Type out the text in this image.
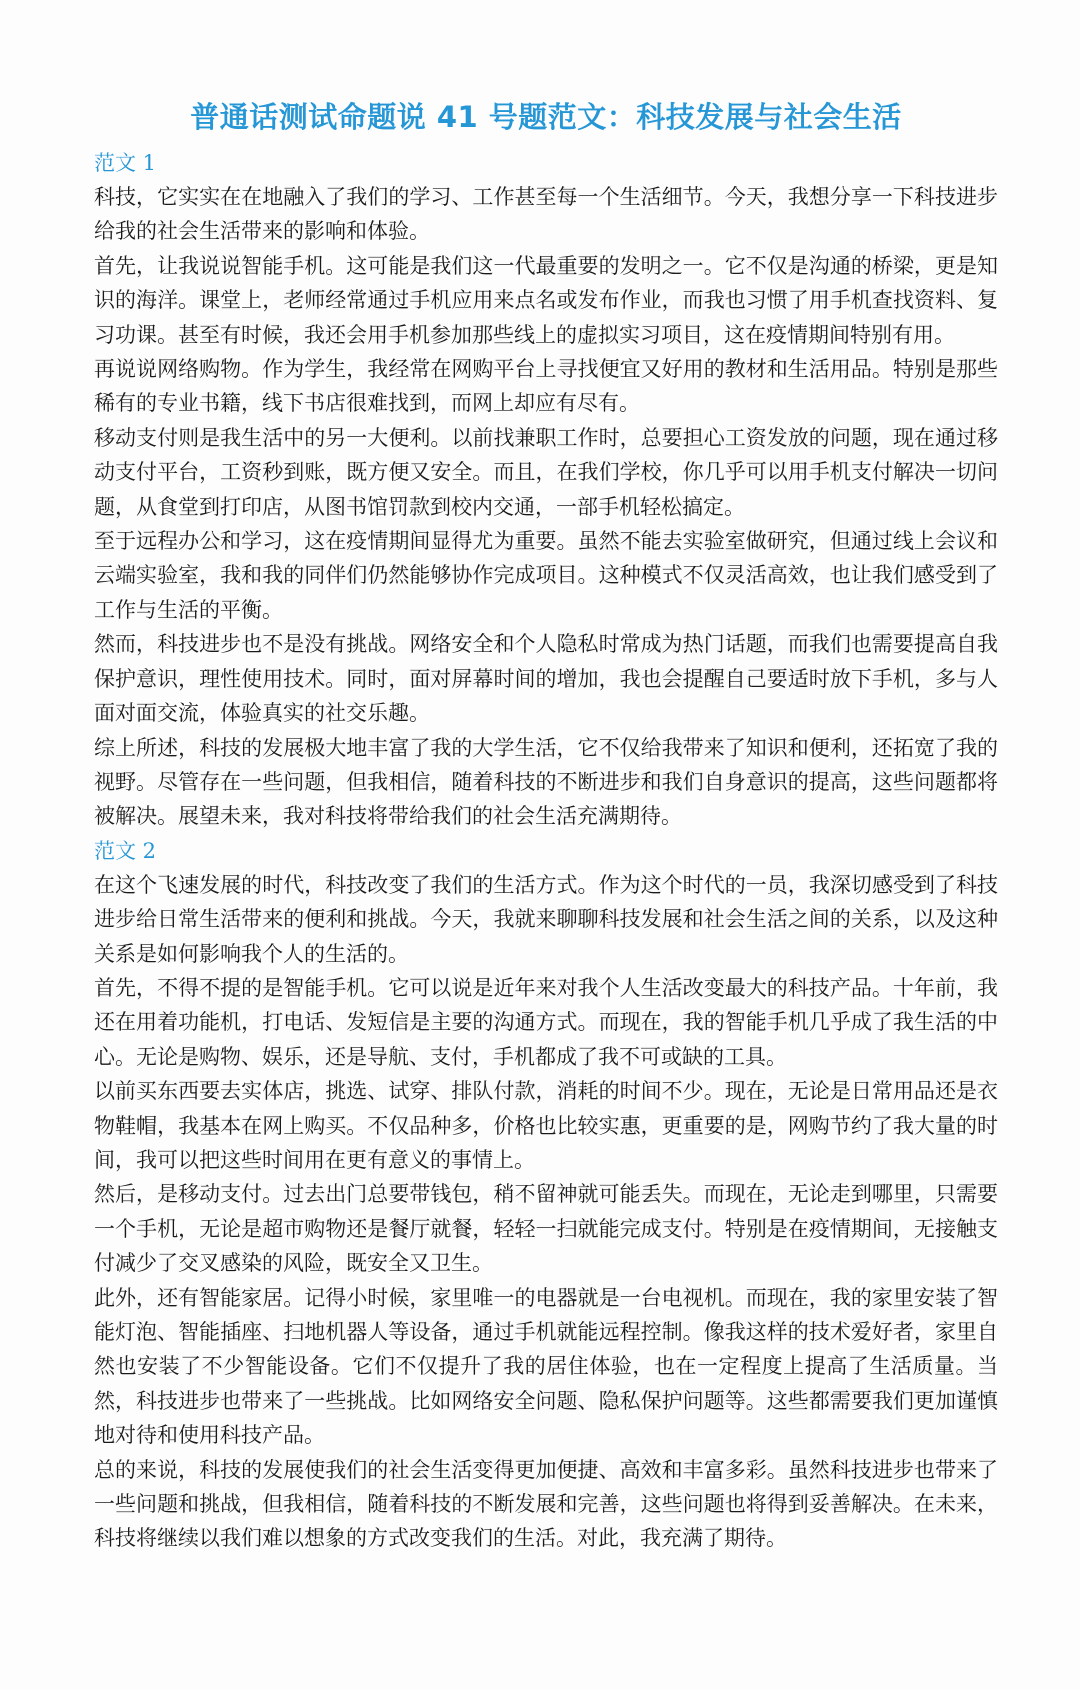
普通话测试命题说 41 号题范文：科技发展与社会生活

范文 1

科技，它实实在在地融入了我们的学习、工作甚至每一个生活细节。今天，我想分享一下科技进步给我的社会生活带来的影响和体验。

首先，让我说说智能手机。这可能是我们这一代最重要的发明之一。它不仅是沟通的桥梁，更是知识的海洋。课堂上，老师经常通过手机应用来点名或发布作业，而我也习惯了用手机查找资料、复习功课。甚至有时候，我还会用手机参加那些线上的虚拟实习项目，这在疫情期间特别有用。

再说说网络购物。作为学生，我经常在网购平台上寻找便宜又好用的教材和生活用品。特别是那些稀有的专业书籍，线下书店很难找到，而网上却应有尽有。

移动支付则是我生活中的另一大便利。以前找兼职工作时，总要担心工资发放的问题，现在通过移动支付平台，工资秒到账，既方便又安全。而且，在我们学校，你几乎可以用手机支付解决一切问题，从食堂到打印店，从图书馆罚款到校内交通，一部手机轻松搞定。

至于远程办公和学习，这在疫情期间显得尤为重要。虽然不能去实验室做研究，但通过线上会议和云端实验室，我和我的同伴们仍然能够协作完成项目。这种模式不仅灵活高效，也让我们感受到了工作与生活的平衡。

然而，科技进步也不是没有挑战。网络安全和个人隐私时常成为热门话题，而我们也需要提高自我保护意识，理性使用技术。同时，面对屏幕时间的增加，我也会提醒自己要适时放下手机，多与人面对面交流，体验真实的社交乐趣。

综上所述，科技的发展极大地丰富了我的大学生活，它不仅给我带来了知识和便利，还拓宽了我的视野。尽管存在一些问题，但我相信，随着科技的不断进步和我们自身意识的提高，这些问题都将被解决。展望未来，我对科技将带给我们的社会生活充满期待。

范文 2

在这个飞速发展的时代，科技改变了我们的生活方式。作为这个时代的一员，我深切感受到了科技进步给日常生活带来的便利和挑战。今天，我就来聊聊科技发展和社会生活之间的关系，以及这种关系是如何影响我个人的生活的。

首先，不得不提的是智能手机。它可以说是近年来对我个人生活改变最大的科技产品。十年前，我还在用着功能机，打电话、发短信是主要的沟通方式。而现在，我的智能手机几乎成了我生活的中心。无论是购物、娱乐，还是导航、支付，手机都成了我不可或缺的工具。

以前买东西要去实体店，挑选、试穿、排队付款，消耗的时间不少。现在，无论是日常用品还是衣物鞋帽，我基本在网上购买。不仅品种多，价格也比较实惠，更重要的是，网购节约了我大量的时间，我可以把这些时间用在更有意义的事情上。

然后，是移动支付。过去出门总要带钱包，稍不留神就可能丢失。而现在，无论走到哪里，只需要一个手机，无论是超市购物还是餐厅就餐，轻轻一扫就能完成支付。特别是在疫情期间，无接触支付减少了交叉感染的风险，既安全又卫生。

此外，还有智能家居。记得小时候，家里唯一的电器就是一台电视机。而现在，我的家里安装了智能灯泡、智能插座、扫地机器人等设备，通过手机就能远程控制。像我这样的技术爱好者，家里自然也安装了不少智能设备。它们不仅提升了我的居住体验，也在一定程度上提高了生活质量。当然，科技进步也带来了一些挑战。比如网络安全问题、隐私保护问题等。这些都需要我们更加谨慎地对待和使用科技产品。

总的来说，科技的发展使我们的社会生活变得更加便捷、高效和丰富多彩。虽然科技进步也带来了一些问题和挑战，但我相信，随着科技的不断发展和完善，这些问题也将得到妥善解决。在未来，科技将继续以我们难以想象的方式改变我们的生活。对此，我充满了期待。
